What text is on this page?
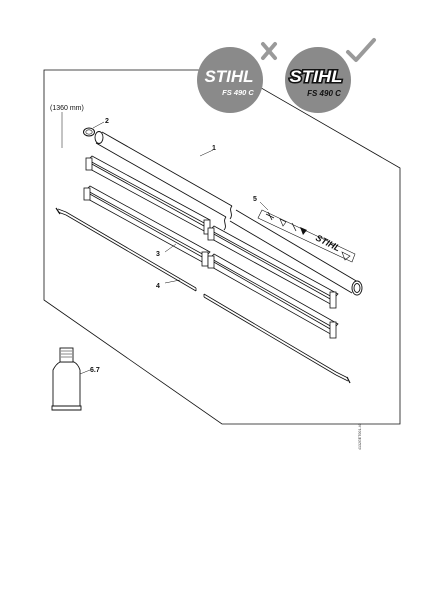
STIHL
FS 490 C
STIHL
FS 490 C
(1360 mm)
2
1
STIHL
5
3
4
6.7
4132GET001-40
